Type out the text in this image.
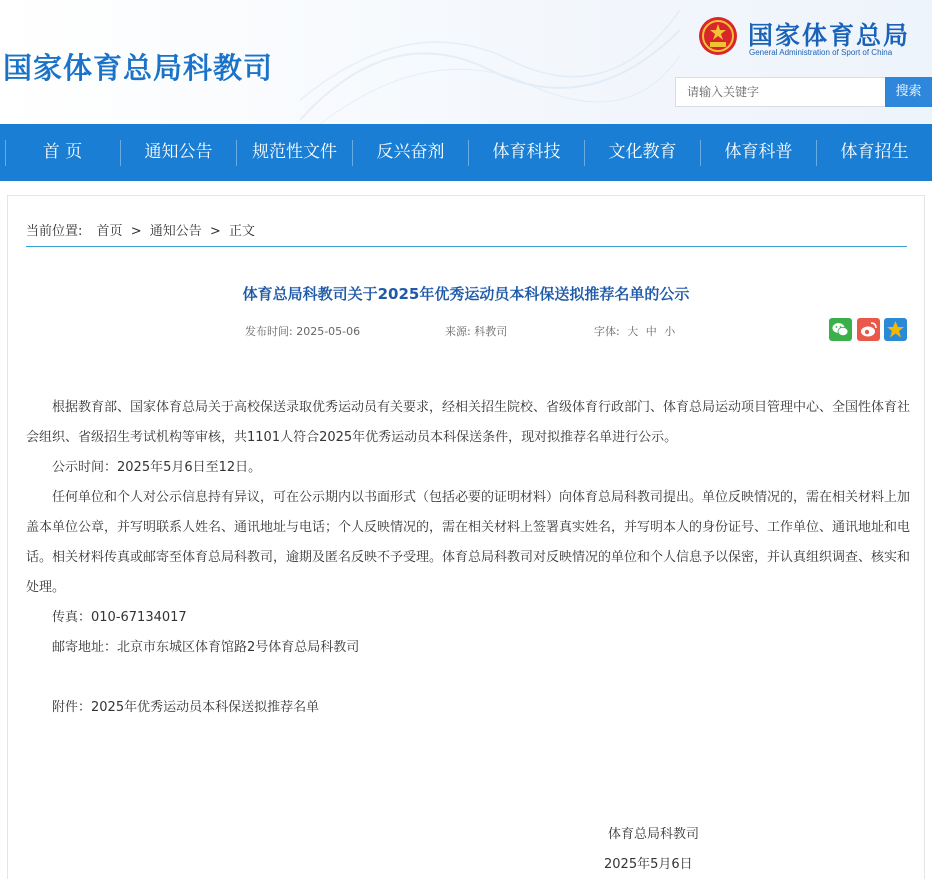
国家体育总局科教司
国家体育总局
General Administration of Sport of China
请输入关键字
搜索
首 页	通知公告	规范性文件	反兴奋剂	体育科技	文化教育	体育科普	体育招生
当前位置: 首页 > 通知公告 > 正文
体育总局科教司关于2025年优秀运动员本科保送拟推荐名单的公示
发布时间: 2025-05-06	来源: 科教司	字体: 大 中 小

根据教育部、国家体育总局关于高校保送录取优秀运动员有关要求，经相关招生院校、省级体育行政部门、体育总局运动项目管理中心、全国性体育社会组织、省级招生考试机构等审核，共1101人符合2025年优秀运动员本科保送条件，现对拟推荐名单进行公示。

公示时间：2025年5月6日至12日。

任何单位和个人对公示信息持有异议，可在公示期内以书面形式（包括必要的证明材料）向体育总局科教司提出。单位反映情况的，需在相关材料上加盖本单位公章，并写明联系人姓名、通讯地址与电话；个人反映情况的，需在相关材料上签署真实姓名，并写明本人的身份证号、工作单位、通讯地址和电话。相关材料传真或邮寄至体育总局科教司，逾期及匿名反映不予受理。体育总局科教司对反映情况的单位和个人信息予以保密，并认真组织调查、核实和处理。

传真：010-67134017

邮寄地址：北京市东城区体育馆路2号体育总局科教司

附件：2025年优秀运动员本科保送拟推荐名单

体育总局科教司
2025年5月6日
